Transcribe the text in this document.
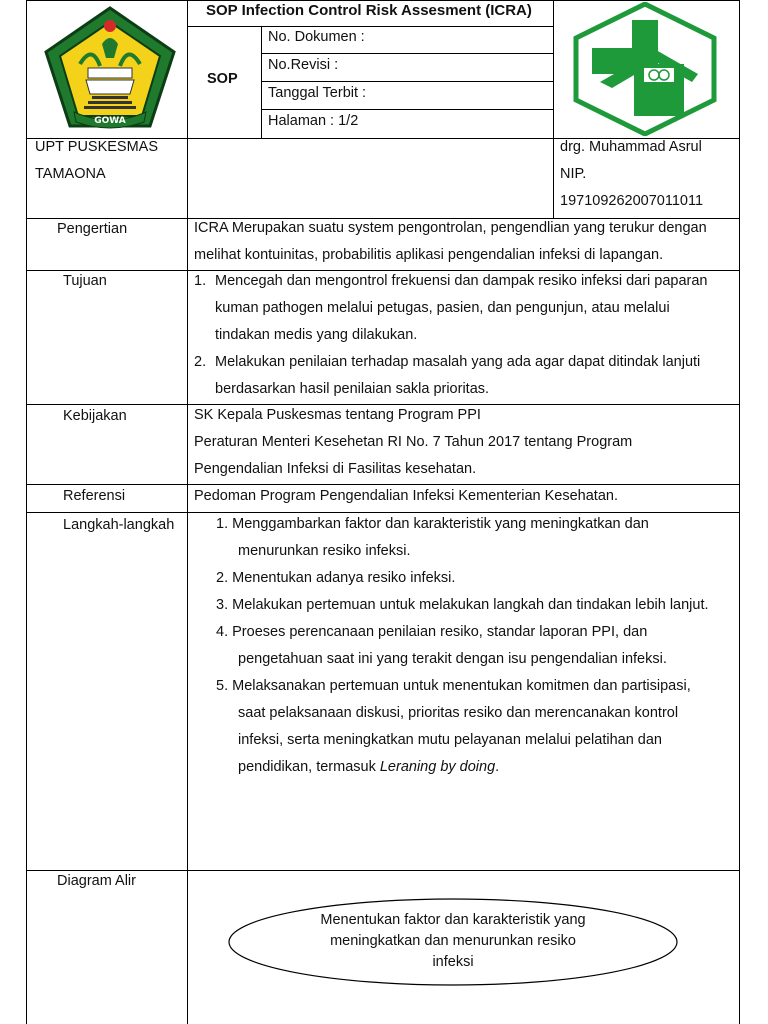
GOWA
SOP Infection Control Risk Assesment (ICRA)
SOP
No. Dokumen :
No.Revisi :
Tanggal Terbit :
Halaman : 1/2
UPT PUSKESMAS
TAMAONA
drg. Muhammad Asrul
NIP.
197109262007011011
Pengertian	ICRA Merupakan suatu system pengontrolan, pengendlian yang terukur dengan
melihat kontuinitas, probabilitis aplikasi pengendalian infeksi di lapangan.
Tujuan	1. Mencegah dan mengontrol frekuensi dan dampak resiko infeksi dari paparan
kuman pathogen melalui petugas, pasien, dan pengunjun, atau melalui
tindakan medis yang dilakukan.
2. Melakukan penilaian terhadap masalah yang ada agar dapat ditindak lanjuti
berdasarkan hasil penilaian sakla prioritas.
Kebijakan	SK Kepala Puskesmas tentang Program PPI
Peraturan Menteri Kesehetan RI No. 7 Tahun 2017 tentang Program
Pengendalian Infeksi di Fasilitas kesehatan.
Referensi	Pedoman Program Pengendalian Infeksi Kementerian Kesehatan.
Langkah-langkah	1. Menggambarkan faktor dan karakteristik yang meningkatkan dan
menurunkan resiko infeksi.
2. Menentukan adanya resiko infeksi.
3. Melakukan pertemuan untuk melakukan langkah dan tindakan lebih lanjut.
4. Proeses perencanaan penilaian resiko, standar laporan PPI, dan
pengetahuan saat ini yang terakit dengan isu pengendalian infeksi.
5. Melaksanakan pertemuan untuk menentukan komitmen dan partisipasi,
saat pelaksanaan diskusi, prioritas resiko dan merencanakan kontrol
infeksi, serta meningkatkan mutu pelayanan melalui pelatihan dan
pendidikan, termasuk Leraning by doing.
Diagram Alir
Menentukan faktor dan karakteristik yang
meningkatkan dan menurunkan resiko
infeksi
